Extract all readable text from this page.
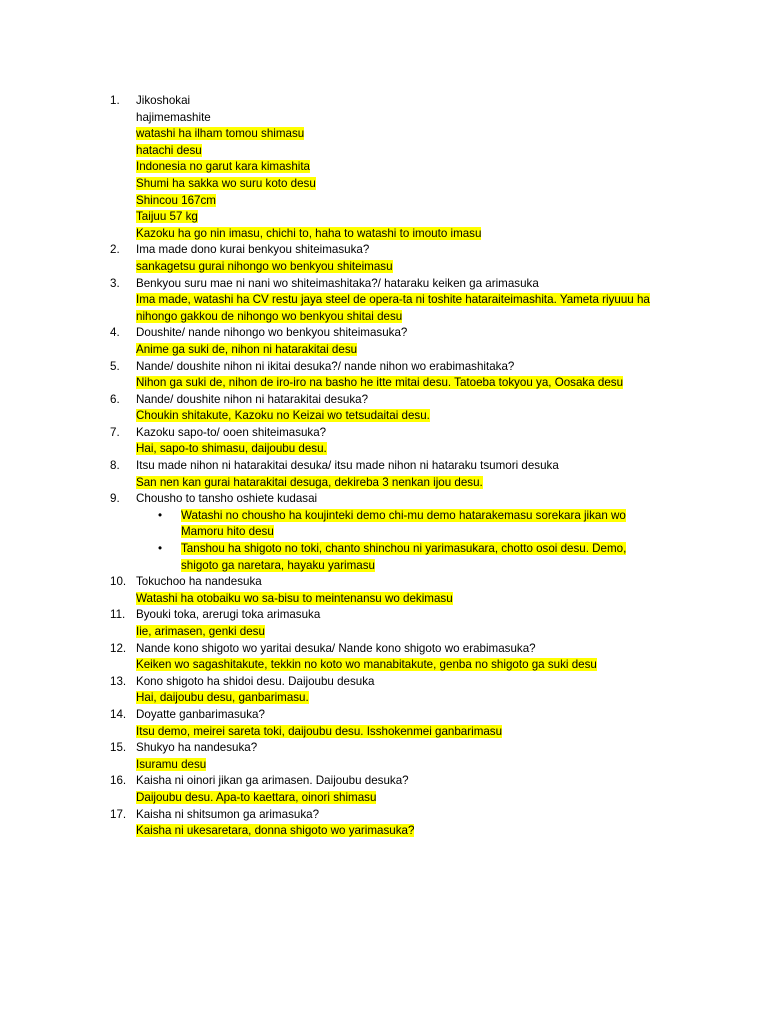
1.	Jikoshokai
hajimemashite
watashi ha ilham tomou shimasu
hatachi desu
Indonesia no garut kara kimashita
Shumi ha sakka wo suru koto desu
Shincou 167cm
Taijuu 57 kg
Kazoku ha go nin imasu, chichi to, haha to watashi to imouto imasu
2.	Ima made dono kurai benkyou shiteimasuka?
sankagetsu gurai nihongo wo benkyou shiteimasu
3.	Benkyou suru mae ni nani wo shiteimashitaka?/ hataraku keiken ga arimasuka
Ima made, watashi ha CV restu jaya steel de opera-ta ni toshite hataraiteimashita. Yameta riyuuu ha
nihongo gakkou de nihongo wo benkyou shitai desu
4.	Doushite/ nande nihongo wo benkyou shiteimasuka?
Anime ga suki de, nihon ni hatarakitai desu
5.	Nande/ doushite nihon ni ikitai desuka?/ nande nihon wo erabimashitaka?
Nihon ga suki de, nihon de iro-iro na basho he itte mitai desu. Tatoeba tokyou ya, Oosaka desu
6.	Nande/ doushite nihon ni hatarakitai desuka?
Choukin shitakute, Kazoku no Keizai wo tetsudaitai desu.
7.	Kazoku sapo-to/ ooen shiteimasuka?
Hai, sapo-to shimasu, daijoubu desu.
8.	Itsu made nihon ni hatarakitai desuka/ itsu made nihon ni hataraku tsumori desuka
San nen kan gurai hatarakitai desuga, dekireba 3 nenkan ijou desu.
9.	Chousho to tansho oshiete kudasai
• Watashi no chousho ha koujinteki demo chi-mu demo hatarakemasu sorekara jikan wo
Mamoru hito desu
• Tanshou ha shigoto no toki, chanto shinchou ni yarimasukara, chotto osoi desu. Demo,
shigoto ga naretara, hayaku yarimasu
10. Tokuchoo ha nandesuka
Watashi ha otobaiku wo sa-bisu to meintenansu wo dekimasu
11. Byouki toka, arerugi toka arimasuka
Iie, arimasen, genki desu
12. Nande kono shigoto wo yaritai desuka/ Nande kono shigoto wo erabimasuka?
Keiken wo sagashitakute, tekkin no koto wo manabitakute, genba no shigoto ga suki desu
13. Kono shigoto ha shidoi desu. Daijoubu desuka
Hai, daijoubu desu, ganbarimasu.
14. Doyatte ganbarimasuka?
Itsu demo, meirei sareta toki, daijoubu desu. Isshokenmei ganbarimasu
15. Shukyo ha nandesuka?
Isuramu desu
16. Kaisha ni oinori jikan ga arimasen. Daijoubu desuka?
Daijoubu desu. Apa-to kaettara, oinori shimasu
17. Kaisha ni shitsumon ga arimasuka?
Kaisha ni ukesaretara, donna shigoto wo yarimasuka?
